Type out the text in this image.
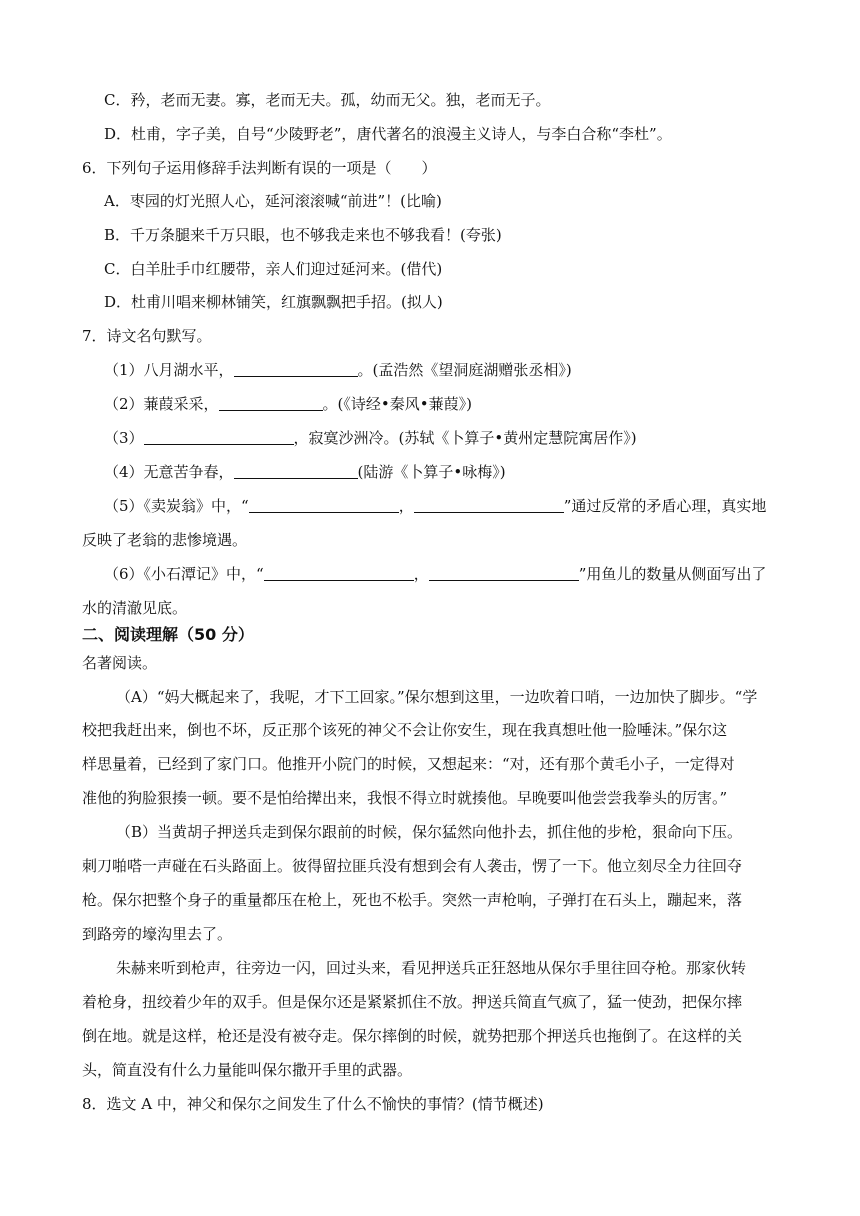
C．矜，老而无妻。寡，老而无夫。孤，幼而无父。独，老而无子。
D．杜甫，字子美，自号“少陵野老”，唐代著名的浪漫主义诗人，与李白合称“李杜”。
6．下列句子运用修辞手法判断有误的一项是（　　）
A．枣园的灯光照人心，延河滚滚喊“前进”！(比喻)
B．千万条腿来千万只眼，也不够我走来也不够我看！(夸张)
C．白羊肚手巾红腰带，亲人们迎过延河来。(借代)
D．杜甫川唱来柳林铺笑，红旗飘飘把手招。(拟人)
7．诗文名句默写。
（1）八月湖水平，	。(孟浩然《望洞庭湖赠张丞相》)
（2）蒹葭采采，	。(《诗经•秦风•蒹葭》)
（3）	，寂寞沙洲冷。(苏轼《卜算子•黄州定慧院寓居作》)
（4）无意苦争春，	(陆游《卜算子•咏梅》)
（5）《卖炭翁》中，“	，	”通过反常的矛盾心理，真实地
反映了老翁的悲惨境遇。
（6）《小石潭记》中，“	，	”用鱼儿的数量从侧面写出了
水的清澈见底。
二、阅读理解（50 分）
名著阅读。
（A）“妈大概起来了，我呢，才下工回家。”保尔想到这里，一边吹着口哨，一边加快了脚步。“学
校把我赶出来，倒也不坏，反正那个该死的神父不会让你安生，现在我真想吐他一脸唾沫。”保尔这
样思量着，已经到了家门口。他推开小院门的时候，又想起来：“对，还有那个黄毛小子，一定得对
准他的狗脸狠揍一顿。要不是怕给撵出来，我恨不得立时就揍他。早晚要叫他尝尝我拳头的厉害。”
（B）当黄胡子押送兵走到保尔跟前的时候，保尔猛然向他扑去，抓住他的步枪，狠命向下压。
刺刀啪嗒一声碰在石头路面上。彼得留拉匪兵没有想到会有人袭击，愣了一下。他立刻尽全力往回夺
枪。保尔把整个身子的重量都压在枪上，死也不松手。突然一声枪响，子弹打在石头上，蹦起来，落
到路旁的壕沟里去了。
朱赫来听到枪声，往旁边一闪，回过头来，看见押送兵正狂怒地从保尔手里往回夺枪。那家伙转
着枪身，扭绞着少年的双手。但是保尔还是紧紧抓住不放。押送兵简直气疯了，猛一使劲，把保尔摔
倒在地。就是这样，枪还是没有被夺走。保尔摔倒的时候，就势把那个押送兵也拖倒了。在这样的关
头，简直没有什么力量能叫保尔撒开手里的武器。
8．选文 A 中，神父和保尔之间发生了什么不愉快的事情？(情节概述)
